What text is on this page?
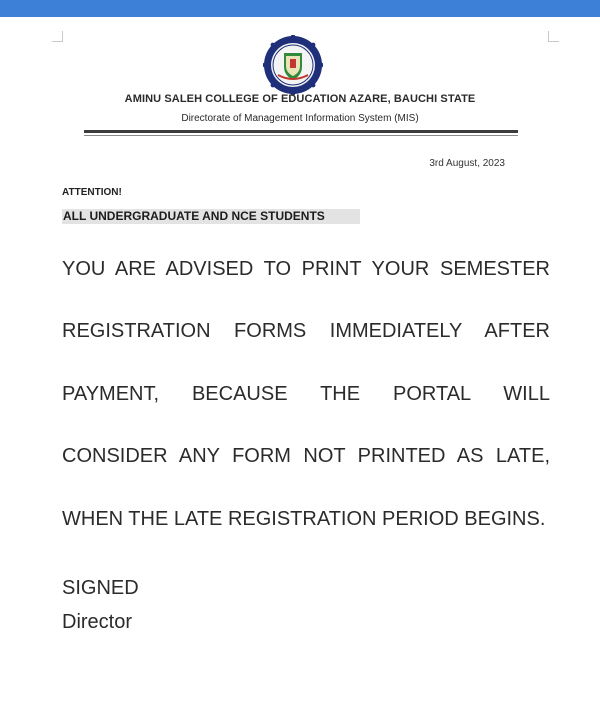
AMINU SALEH COLLEGE OF EDUCATION AZARE, BAUCHI STATE
Directorate of Management Information System (MIS)
3rd August, 2023
ATTENTION!
ALL UNDERGRADUATE AND NCE STUDENTS
YOU ARE ADVISED TO PRINT YOUR SEMESTER
REGISTRATION FORMS IMMEDIATELY AFTER
PAYMENT, BECAUSE THE PORTAL WILL
CONSIDER ANY FORM NOT PRINTED AS LATE,
WHEN THE LATE REGISTRATION PERIOD BEGINS.
SIGNED
Director
